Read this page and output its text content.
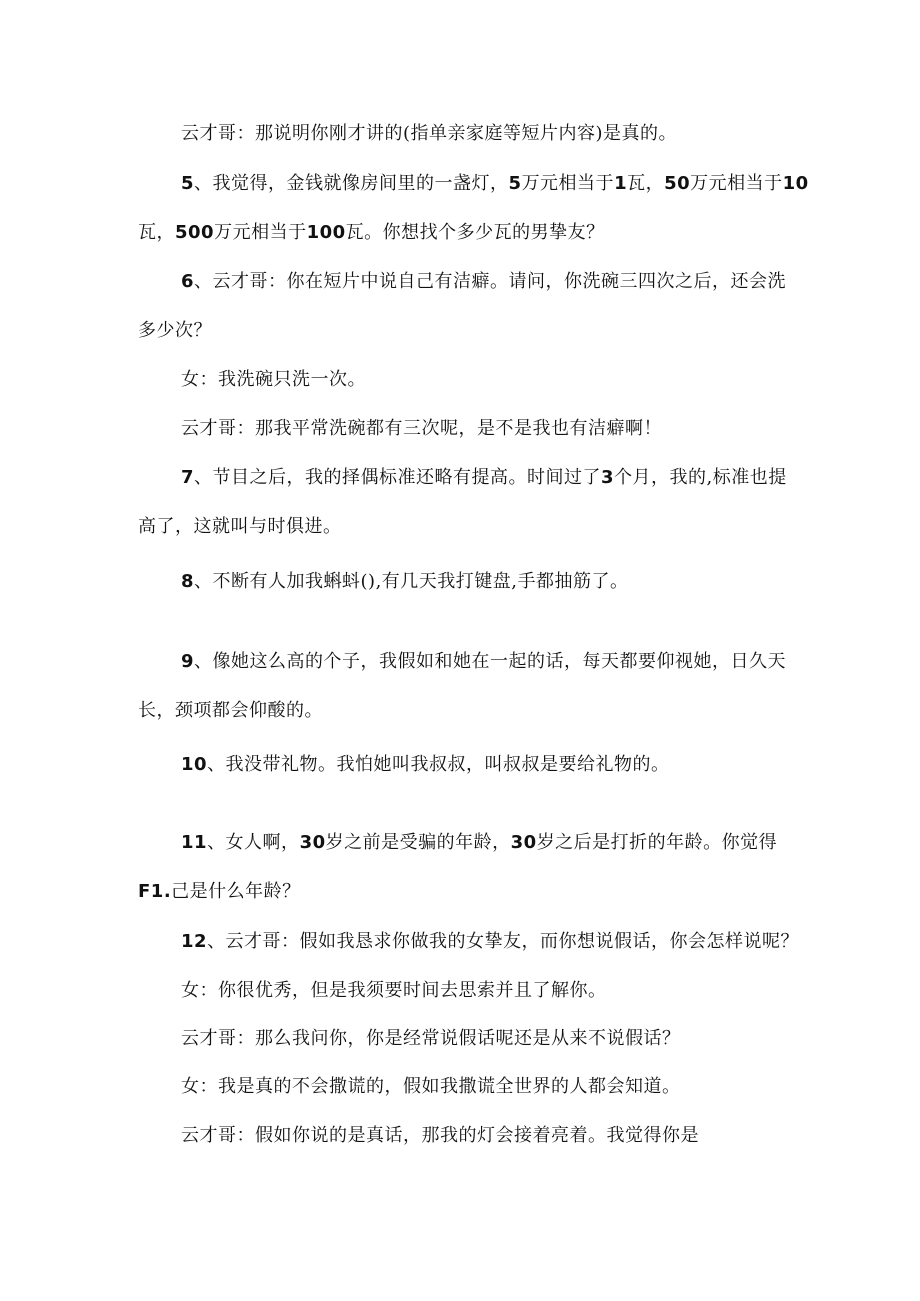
云才哥：那说明你刚才讲的(指单亲家庭等短片内容)是真的。
5、我觉得，金钱就像房间里的一盏灯，5万元相当于1瓦，50万元相当于10
瓦，500万元相当于100瓦。你想找个多少瓦的男挚友？
6、云才哥：你在短片中说自己有洁癖。请问，你洗碗三四次之后，还会洗
多少次？
女：我洗碗只洗一次。
云才哥：那我平常洗碗都有三次呢，是不是我也有洁癖啊！
7、节目之后，我的择偶标准还略有提高。时间过了3个月，我的,标准也提
高了，这就叫与时俱进。
8、不断有人加我蝌蚪(),有几天我打键盘,手都抽筋了。
9、像她这么高的个子，我假如和她在一起的话，每天都要仰视她，日久天
长，颈项都会仰酸的。
10、我没带礼物。我怕她叫我叔叔，叫叔叔是要给礼物的。
11、女人啊，30岁之前是受骗的年龄，30岁之后是打折的年龄。你觉得
F1.己是什么年龄？
12、云才哥：假如我恳求你做我的女挚友，而你想说假话，你会怎样说呢？
女：你很优秀，但是我须要时间去思索并且了解你。
云才哥：那么我问你，你是经常说假话呢还是从来不说假话？
女：我是真的不会撒谎的，假如我撒谎全世界的人都会知道。
云才哥：假如你说的是真话，那我的灯会接着亮着。我觉得你是
